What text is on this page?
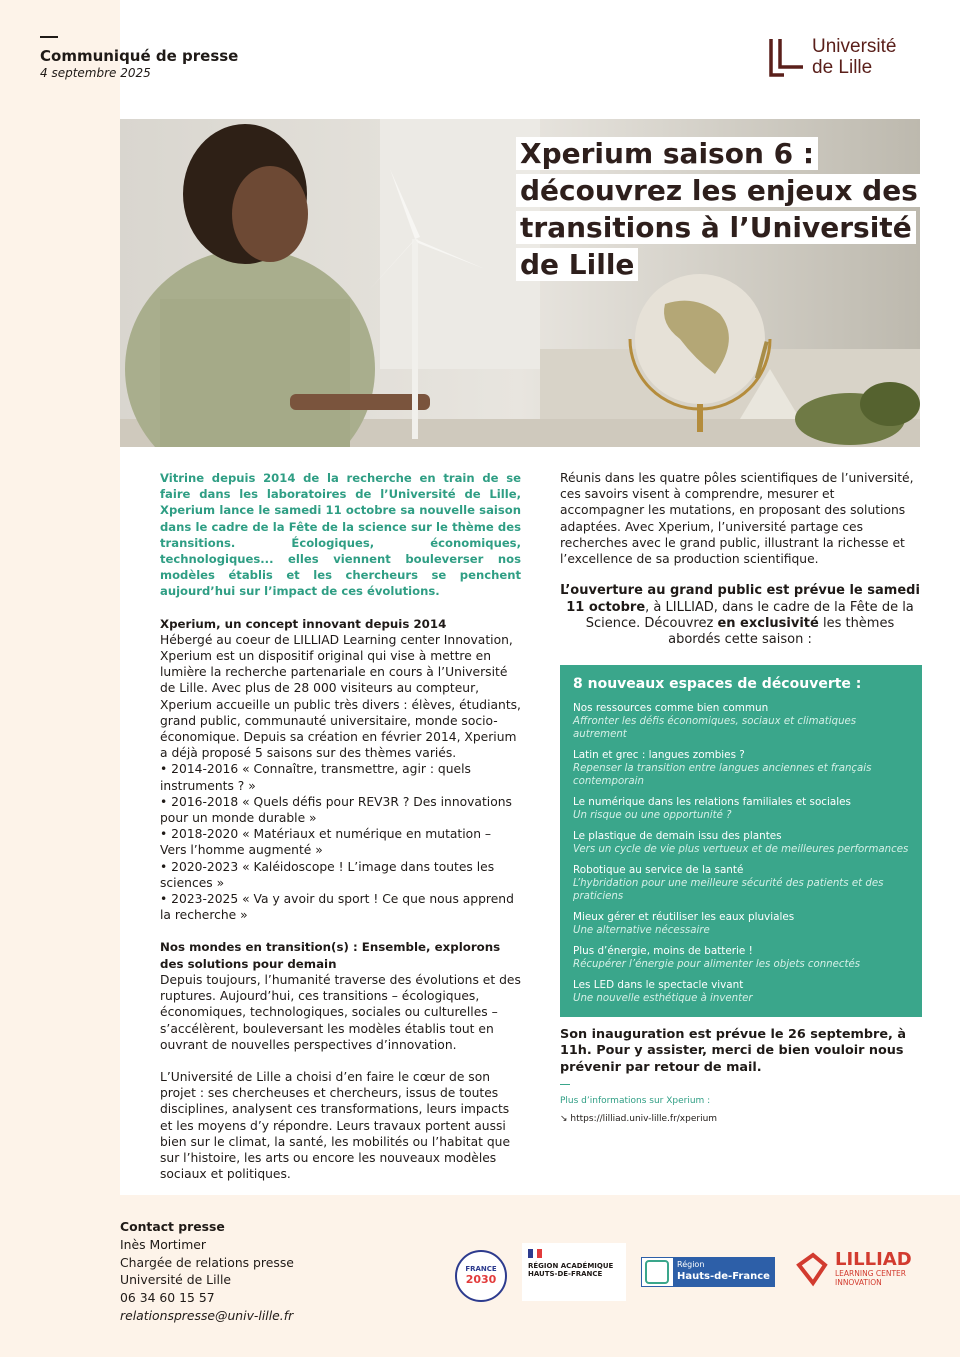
Communiqué de presse
4 septembre 2025
Université
de Lille
Xperium saison 6 : découvrez les enjeux des transitions à l’Université de Lille

Vitrine depuis 2014 de la recherche en train de se faire dans les laboratoires de l’Université de Lille, Xperium lance le samedi 11 octobre sa nouvelle saison dans le cadre de la Fête de la science sur le thème des transitions. Écologiques, économiques, technologiques... elles viennent bouleverser nos modèles établis et les chercheurs se penchent aujourd’hui sur l’impact de ces évolutions.

Xperium, un concept innovant depuis 2014

Hébergé au coeur de LILLIAD Learning center Innovation, Xperium est un dispositif original qui vise à mettre en lumière la recherche partenariale en cours à l’Université de Lille. Avec plus de 28 000 visiteurs au compteur, Xperium accueille un public très divers : élèves, étudiants, grand public, communauté universitaire, monde socio-économique. Depuis sa création en février 2014, Xperium a déjà proposé 5 saisons sur des thèmes variés.

• 2014-2016 « Connaître, transmettre, agir : quels instruments ? »
• 2016-2018 « Quels défis pour REV3R ? Des innovations pour un monde durable »
• 2018-2020 « Matériaux et numérique en mutation – Vers l’homme augmenté »
• 2020-2023 « Kaléidoscope ! L’image dans toutes les sciences »
• 2023-2025 « Va y avoir du sport ! Ce que nous apprend la recherche »

Nos mondes en transition(s) : Ensemble, explorons des solutions pour demain

Depuis toujours, l’humanité traverse des évolutions et des ruptures. Aujourd’hui, ces transitions – écologiques, économiques, technologiques, sociales ou culturelles – s’accélèrent, bouleversant les modèles établis tout en ouvrant de nouvelles perspectives d’innovation.

L’Université de Lille a choisi d’en faire le cœur de son projet : ses chercheuses et chercheurs, issus de toutes disciplines, analysent ces transformations, leurs impacts et les moyens d’y répondre. Leurs travaux portent aussi bien sur le climat, la santé, les mobilités ou l’habitat que sur l’histoire, les arts ou encore les nouveaux modèles sociaux et politiques.

Réunis dans les quatre pôles scientifiques de l’université, ces savoirs visent à comprendre, mesurer et accompagner les mutations, en proposant des solutions adaptées. Avec Xperium, l’université partage ces recherches avec le grand public, illustrant la richesse et l’excellence de sa production scientifique.

L’ouverture au grand public est prévue le samedi 11 octobre, à LILLIAD, dans le cadre de la Fête de la Science. Découvrez en exclusivité les thèmes abordés cette saison :

8 nouveaux espaces de découverte :
Nos ressources comme bien commun
Affronter les défis économiques, sociaux et climatiques autrement
Latin et grec : langues zombies ?
Repenser la transition entre langues anciennes et français contemporain
Le numérique dans les relations familiales et sociales
Un risque ou une opportunité ?
Le plastique de demain issu des plantes
Vers un cycle de vie plus vertueux et de meilleures performances
Robotique au service de la santé
L’hybridation pour une meilleure sécurité des patients et des praticiens
Mieux gérer et réutiliser les eaux pluviales
Une alternative nécessaire
Plus d’énergie, moins de batterie !
Récupérer l’énergie pour alimenter les objets connectés
Les LED dans le spectacle vivant
Une nouvelle esthétique à inventer

Son inauguration est prévue le 26 septembre, à 11h. Pour y assister, merci de bien vouloir nous prévenir par retour de mail.

Plus d’informations sur Xperium :
↘ https://lilliad.univ-lille.fr/xperium
Contact presse
Inès Mortimer
Chargée de relations presse
Université de Lille
06 34 60 15 57
relationspresse@univ-lille.fr
FRANCE
2030
RÉGION ACADÉMIQUE
HAUTS-DE-FRANCE
Région
Hauts-de-France
LILLIAD
LEARNING CENTER
INNOVATION
